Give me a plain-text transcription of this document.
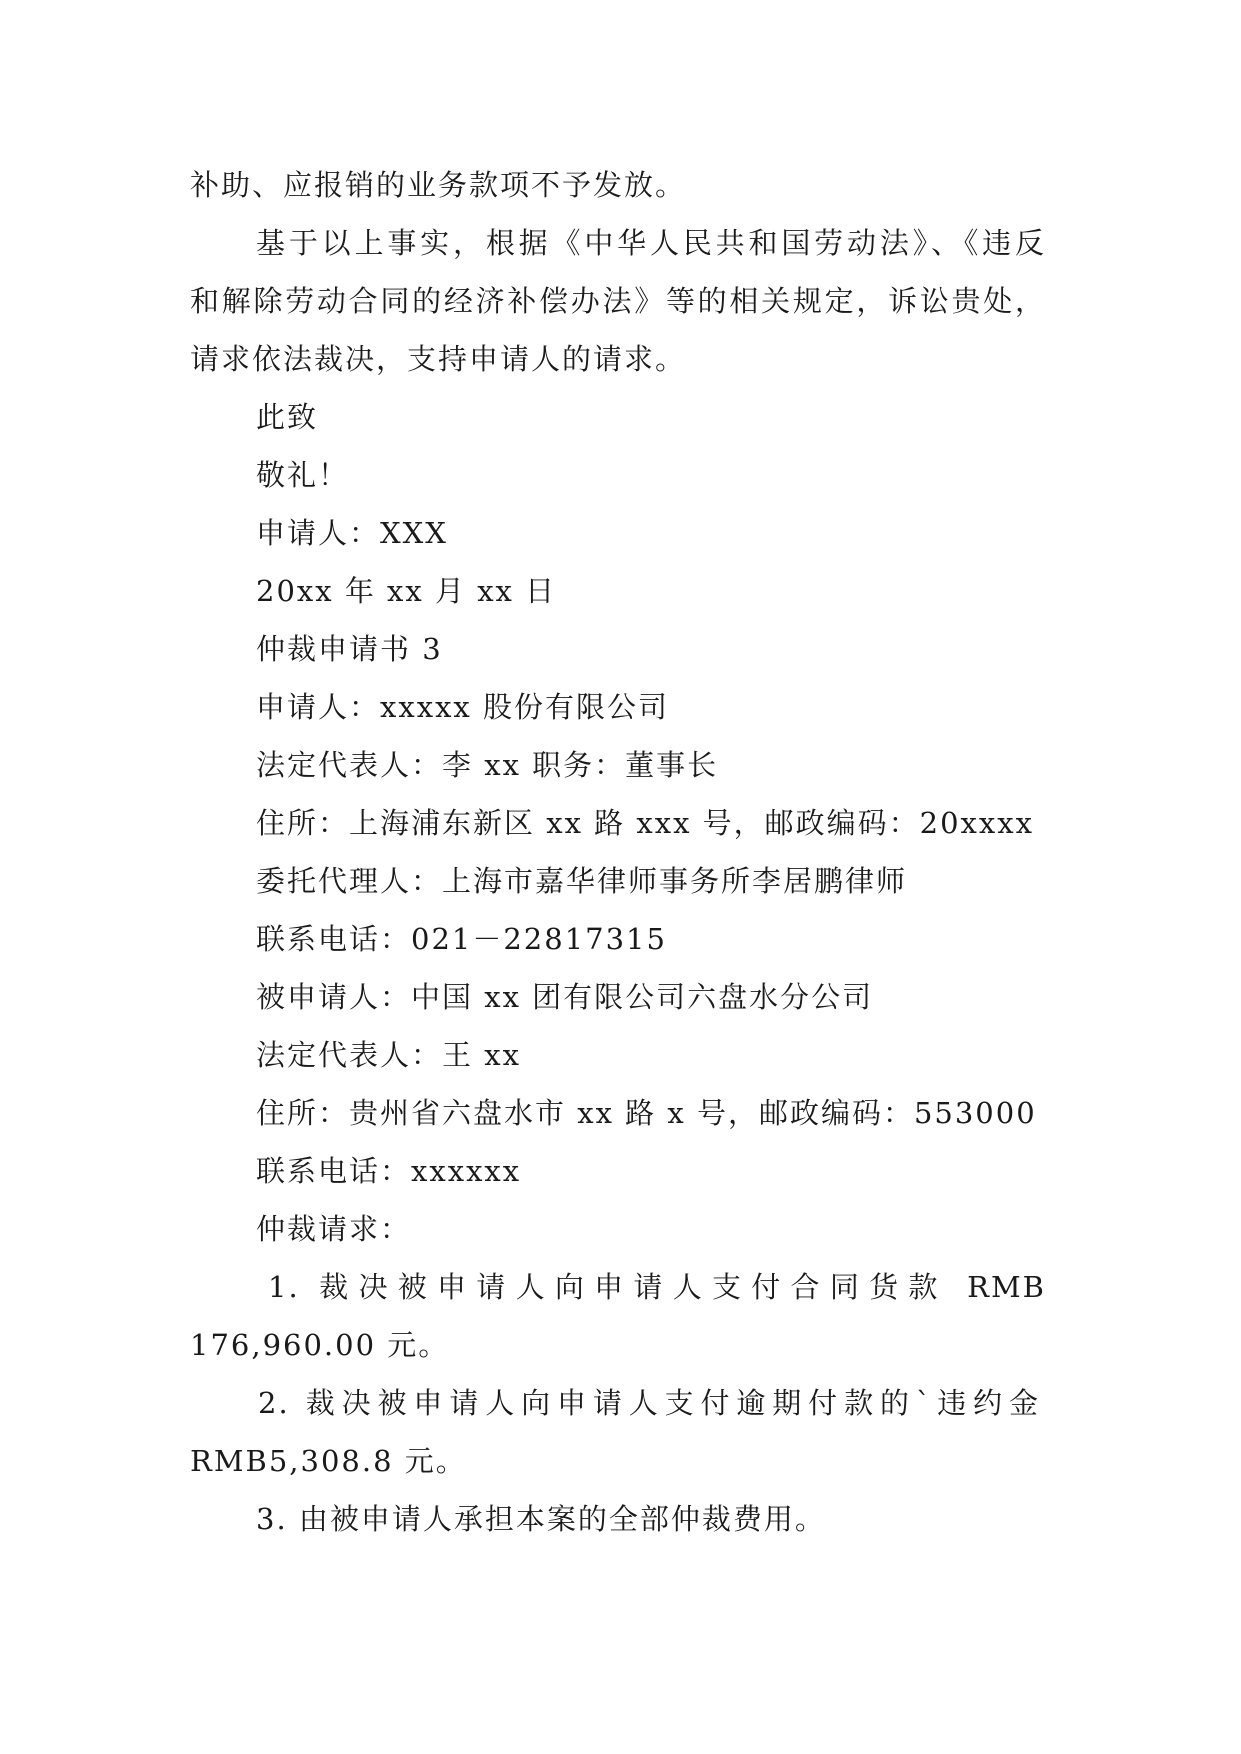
补助、应报销的业务款项不予发放。
基于以上事实，根据《中华人民共和国劳动法》、《违反
和解除劳动合同的经济补偿办法》等的相关规定，诉讼贵处，
请求依法裁决，支持申请人的请求。
此致
敬礼！
申请人：XXX
20xx 年 xx 月 xx 日
仲裁申请书 3
申请人：xxxxx 股份有限公司
法定代表人：李 xx 职务：董事长
住所：上海浦东新区 xx 路 xxx 号，邮政编码：20xxxx
委托代理人：上海市嘉华律师事务所李居鹏律师
联系电话：021－22817315
被申请人：中国 xx 团有限公司六盘水分公司
法定代表人：王 xx
住所：贵州省六盘水市 xx 路 x 号，邮政编码：553000
联系电话：xxxxxx
仲裁请求：
1. 裁决被申请人向申请人支付合同货款 RMB
176,960.00 元。
2. 裁决被申请人向申请人支付逾期付款的`违约金
RMB5,308.8 元。
3. 由被申请人承担本案的全部仲裁费用。
